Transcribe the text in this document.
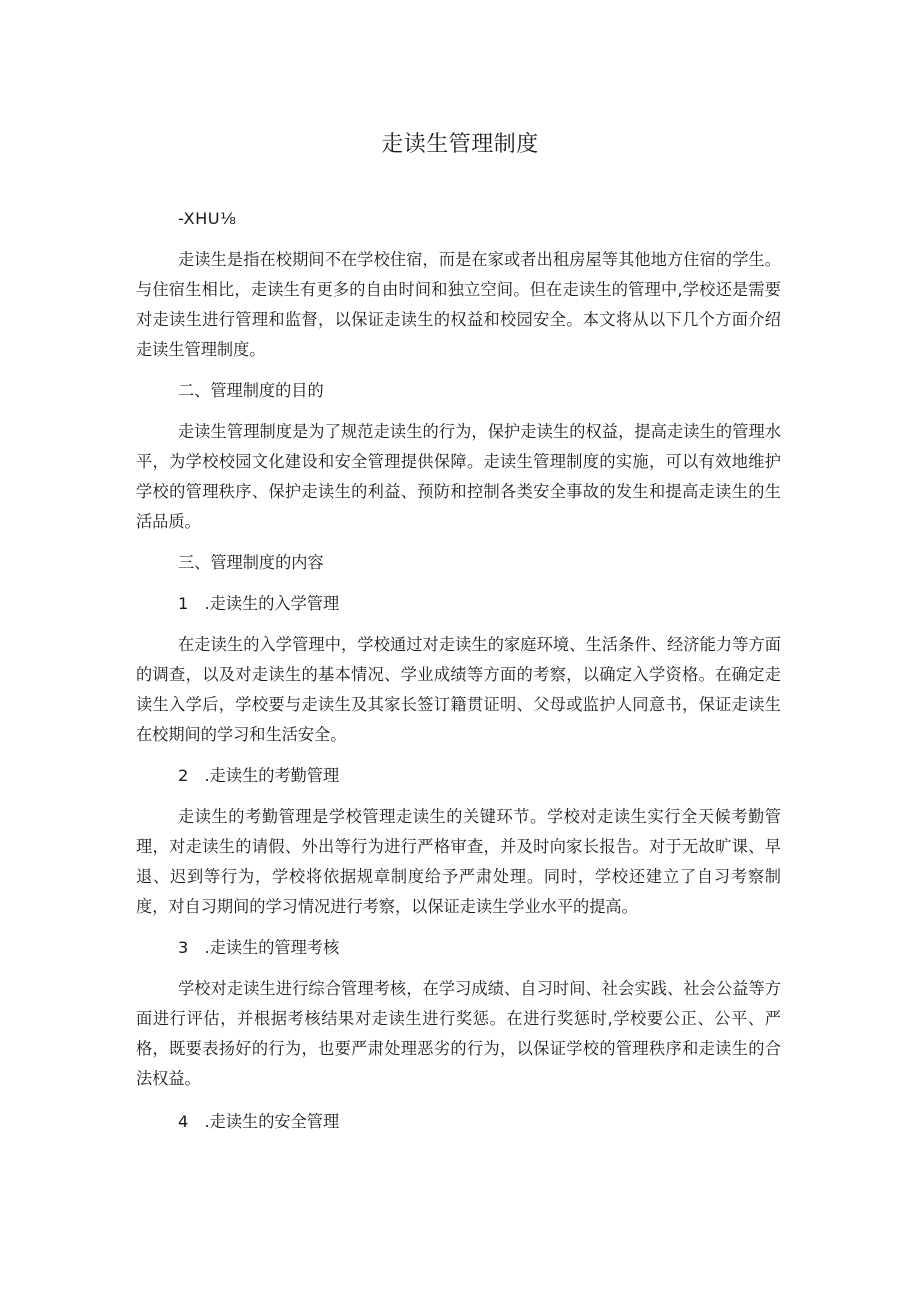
走读生管理制度

-XHU⅛

走读生是指在校期间不在学校住宿，而是在家或者出租房屋等其他地方住宿的学生。与住宿生相比，走读生有更多的自由时间和独立空间。但在走读生的管理中,学校还是需要对走读生进行管理和监督，以保证走读生的权益和校园安全。本文将从以下几个方面介绍走读生管理制度。

二、管理制度的目的

走读生管理制度是为了规范走读生的行为，保护走读生的权益，提高走读生的管理水平，为学校校园文化建设和安全管理提供保障。走读生管理制度的实施，可以有效地维护学校的管理秩序、保护走读生的利益、预防和控制各类安全事故的发生和提高走读生的生活品质。

三、管理制度的内容

1　.走读生的入学管理

在走读生的入学管理中，学校通过对走读生的家庭环境、生活条件、经济能力等方面的调查，以及对走读生的基本情况、学业成绩等方面的考察，以确定入学资格。在确定走读生入学后，学校要与走读生及其家长签订籍贯证明、父母或监护人同意书，保证走读生在校期间的学习和生活安全。

2　.走读生的考勤管理

走读生的考勤管理是学校管理走读生的关键环节。学校对走读生实行全天候考勤管理，对走读生的请假、外出等行为进行严格审查，并及时向家长报告。对于无故旷课、早退、迟到等行为，学校将依据规章制度给予严肃处理。同时，学校还建立了自习考察制度，对自习期间的学习情况进行考察，以保证走读生学业水平的提高。

3　.走读生的管理考核

学校对走读生进行综合管理考核，在学习成绩、自习时间、社会实践、社会公益等方面进行评估，并根据考核结果对走读生进行奖惩。在进行奖惩时,学校要公正、公平、严格，既要表扬好的行为，也要严肃处理恶劣的行为，以保证学校的管理秩序和走读生的合法权益。

4　.走读生的安全管理
